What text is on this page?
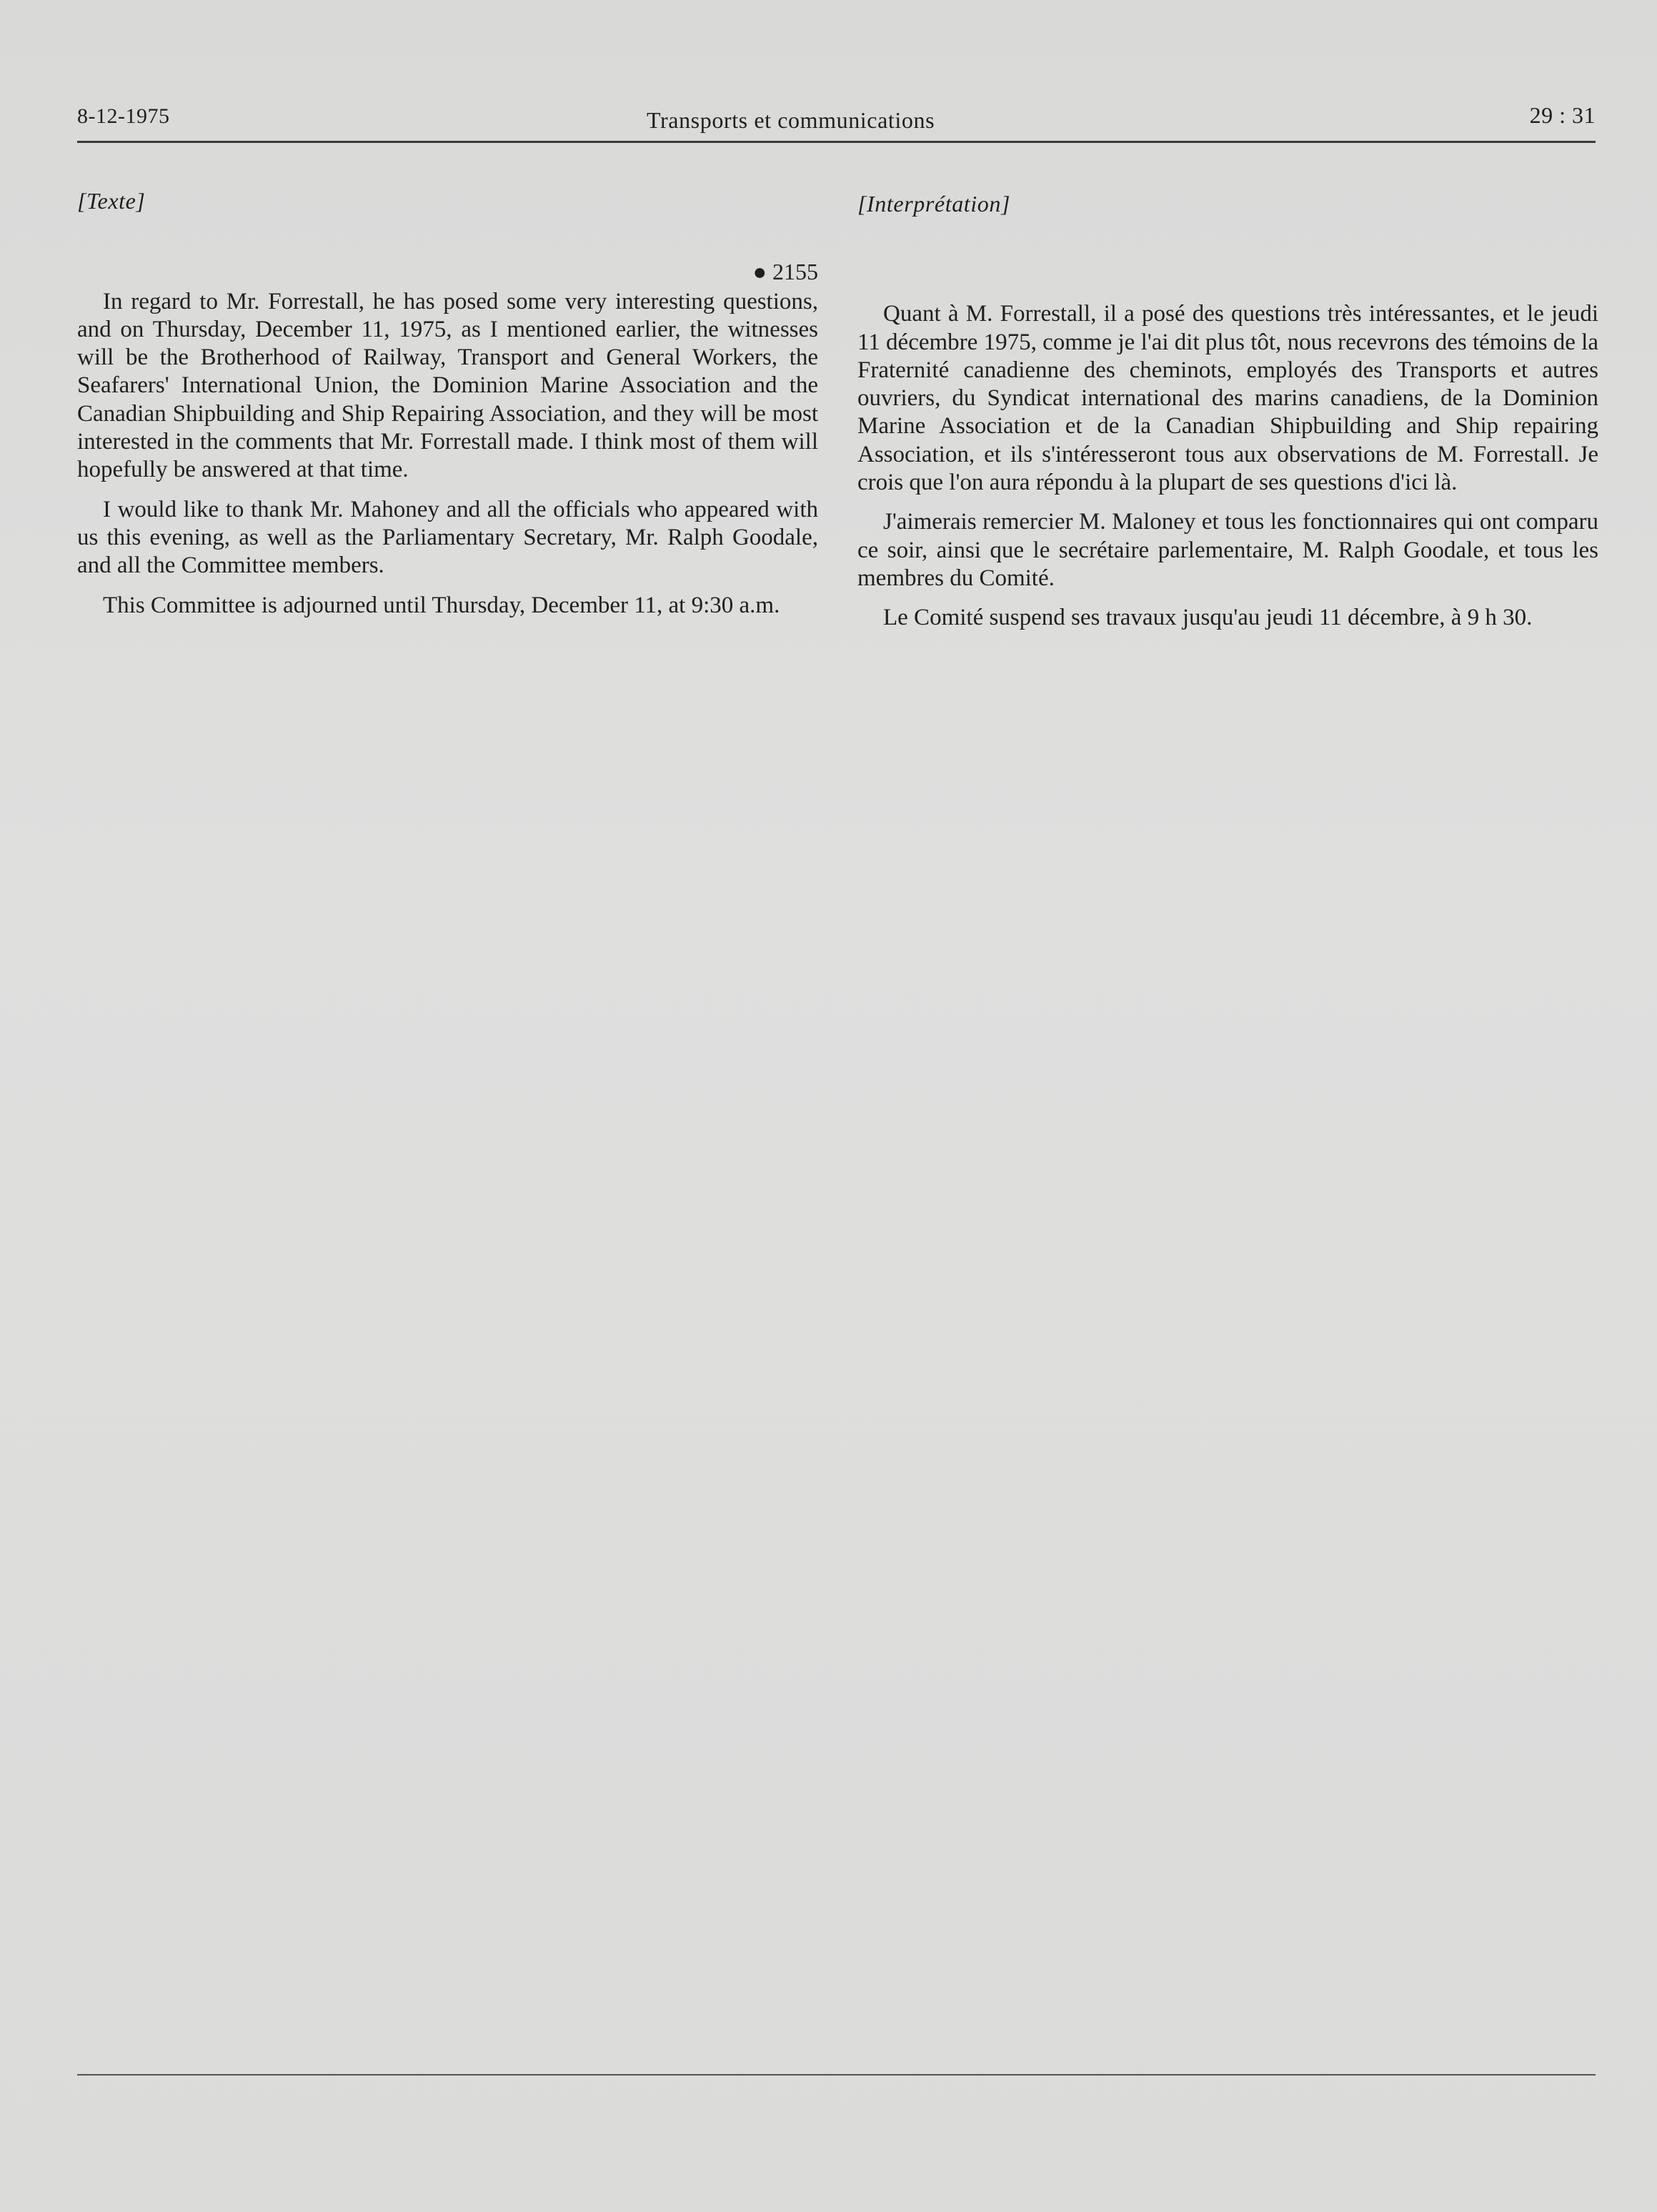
8-12-1975	Transports et communications	29 : 31
[Texte]
● 2155

In regard to Mr. Forrestall, he has posed some very interesting questions, and on Thursday, December 11, 1975, as I mentioned earlier, the witnesses will be the Brotherhood of Railway, Transport and General Workers, the Seafarers' International Union, the Dominion Marine Association and the Canadian Shipbuilding and Ship Repairing Association, and they will be most interested in the comments that Mr. Forrestall made. I think most of them will hopefully be answered at that time.

I would like to thank Mr. Mahoney and all the officials who appeared with us this evening, as well as the Parliamentary Secretary, Mr. Ralph Goodale, and all the Committee members.

This Committee is adjourned until Thursday, December 11, at 9:30 a.m.

[Interprétation]

Quant à M. Forrestall, il a posé des questions très intéressantes, et le jeudi 11 décembre 1975, comme je l'ai dit plus tôt, nous recevrons des témoins de la Fraternité canadienne des cheminots, employés des Transports et autres ouvriers, du Syndicat international des marins canadiens, de la Dominion Marine Association et de la Canadian Shipbuilding and Ship repairing Association, et ils s'intéresseront tous aux observations de M. Forrestall. Je crois que l'on aura répondu à la plupart de ses questions d'ici là.

J'aimerais remercier M. Maloney et tous les fonctionnaires qui ont comparu ce soir, ainsi que le secrétaire parlementaire, M. Ralph Goodale, et tous les membres du Comité.

Le Comité suspend ses travaux jusqu'au jeudi 11 décembre, à 9 h 30.
